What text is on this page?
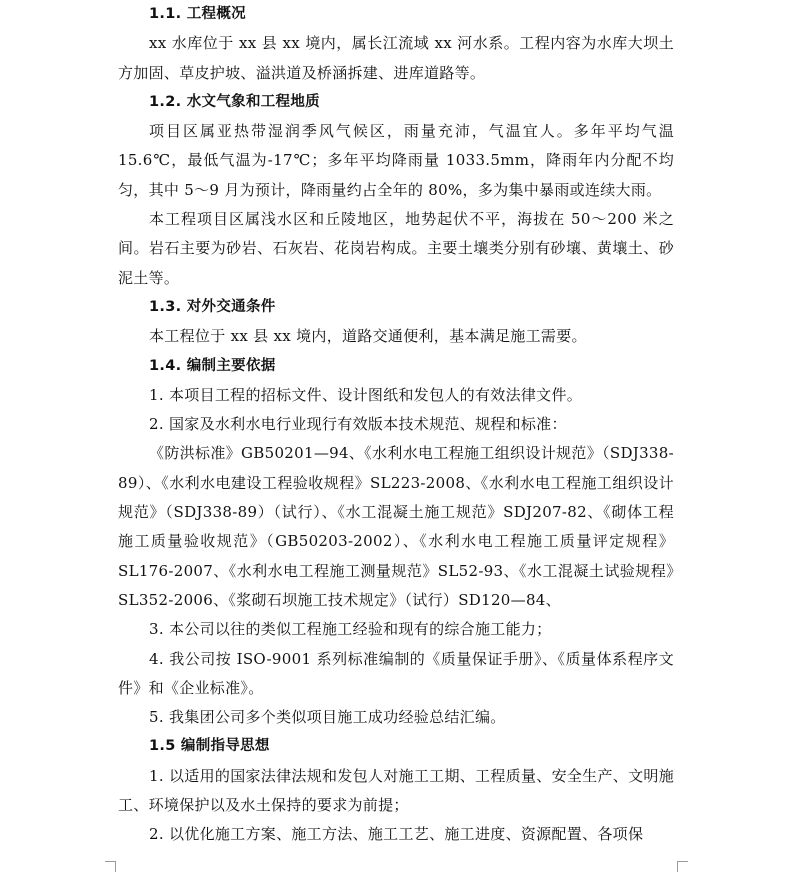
1.1. 工程概况

xx 水库位于 xx 县 xx 境内，属长江流域 xx 河水系。工程内容为水库大坝土方加固、草皮护坡、溢洪道及桥涵拆建、进库道路等。

1.2. 水文气象和工程地质

项目区属亚热带湿润季风气候区，雨量充沛，气温宜人。多年平均气温 15.6℃，最低气温为-17℃；多年平均降雨量 1033.5mm，降雨年内分配不均匀，其中 5～9 月为预计，降雨量约占全年的 80%，多为集中暴雨或连续大雨。

本工程项目区属浅水区和丘陵地区，地势起伏不平，海拔在 50～200 米之间。岩石主要为砂岩、石灰岩、花岗岩构成。主要土壤类分别有砂壤、黄壤土、砂泥土等。

1.3. 对外交通条件

本工程位于 xx 县 xx 境内，道路交通便利，基本满足施工需要。

1.4. 编制主要依据

1. 本项目工程的招标文件、设计图纸和发包人的有效法律文件。

2. 国家及水利水电行业现行有效版本技术规范、规程和标准：

《防洪标准》GB50201—94、《水利水电工程施工组织设计规范》（SDJ338-89）、《水利水电建设工程验收规程》SL223-2008、《水利水电工程施工组织设计规范》（SDJ338-89）（试行）、《水工混凝土施工规范》SDJ207-82、《砌体工程施工质量验收规范》（GB50203-2002）、《水利水电工程施工质量评定规程》SL176-2007、《水利水电工程施工测量规范》SL52-93、《水工混凝土试验规程》SL352-2006、《浆砌石坝施工技术规定》（试行）SD120—84、

3. 本公司以往的类似工程施工经验和现有的综合施工能力；

4. 我公司按 ISO-9001 系列标准编制的《质量保证手册》、《质量体系程序文件》和《企业标准》。

5. 我集团公司多个类似项目施工成功经验总结汇编。

1.5 编制指导思想

1. 以适用的国家法律法规和发包人对施工工期、工程质量、安全生产、文明施工、环境保护以及水土保持的要求为前提；

2. 以优化施工方案、施工方法、施工工艺、施工进度、资源配置、各项保
